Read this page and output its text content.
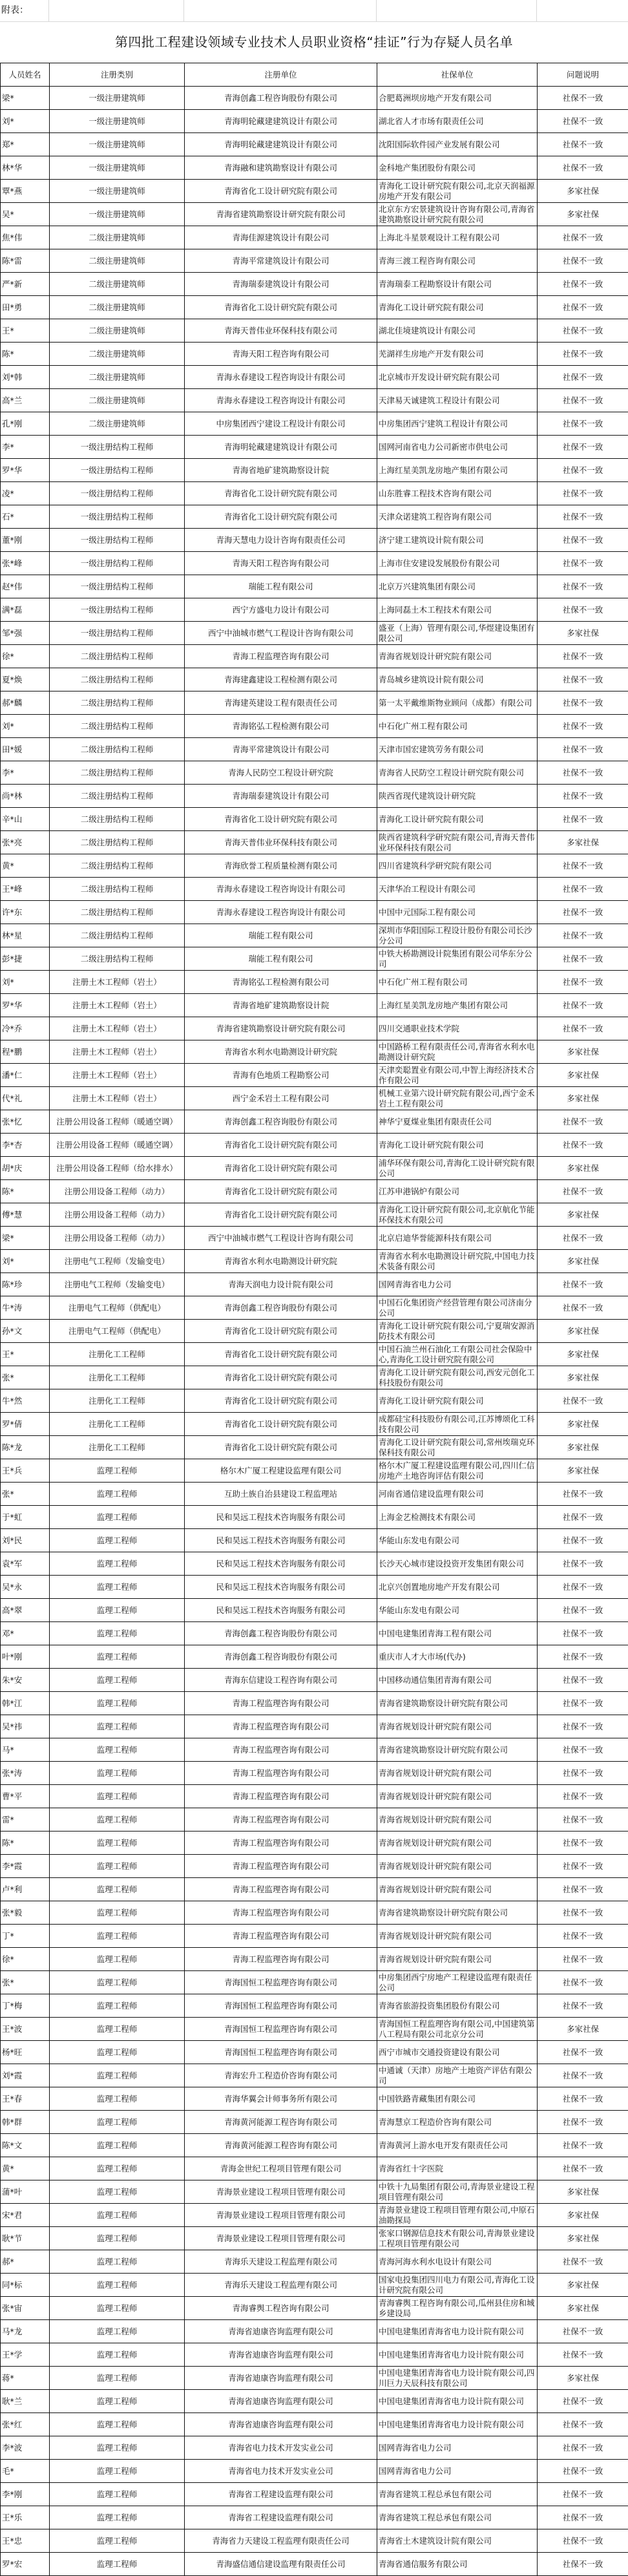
附表：
第四批工程建设领域专业技术人员职业资格“挂证”行为存疑人员名单
人员姓名	注册类别	注册单位	社保单位	问题说明
梁*	一级注册建筑师	青海创鑫工程咨询股份有限公司	合肥葛洲坝房地产开发有限公司	社保不一致
刘*	一级注册建筑师	青海明轮藏建建筑设计有限公司	湖北省人才市场有限责任公司	社保不一致
郑*	一级注册建筑师	青海明轮藏建建筑设计有限公司	沈阳国际软件园产业发展有限公司	社保不一致
林*华	一级注册建筑师	青海融和建筑勘察设计有限公司	金科地产集团股份有限公司	社保不一致
覃*燕	一级注册建筑师	青海省化工设计研究院有限公司	青海化工设计研究院有限公司,北京天润福源房地产开发有限公司	多家社保
吴*	一级注册建筑师	青海省建筑勘察设计研究院有限公司	北京东方宏景建筑设计咨询有限公司,青海省建筑勘察设计研究院有限公司	多家社保
焦*伟	二级注册建筑师	青海佳源建筑设计有限公司	上海北斗星景观设计工程有限公司	社保不一致
陈*雷	二级注册建筑师	青海平常建筑设计有限公司	青海三渡工程咨询有限公司	社保不一致
严*新	二级注册建筑师	青海瑞泰建筑设计有限公司	青海瑞泰工程勘察设计有限公司	社保不一致
田*勇	二级注册建筑师	青海省化工设计研究院有限公司	青海化工设计研究院有限公司	社保不一致
王*	二级注册建筑师	青海天普伟业环保科技有限公司	湖北佳境建筑设计有限公司	社保不一致
陈*	二级注册建筑师	青海天阳工程咨询有限公司	芜湖祥生房地产开发有限公司	社保不一致
刘*韩	二级注册建筑师	青海永春建设工程咨询设计有限公司	北京城市开发设计研究院有限公司	社保不一致
高*兰	二级注册建筑师	青海永春建设工程咨询设计有限公司	天津易天诚建筑工程设计有限公司	社保不一致
孔*刚	二级注册建筑师	中房集团西宁建设工程设计有限公司	中房集团西宁建筑工程设计有限公司	社保不一致
李*	一级注册结构工程师	青海明轮藏建建筑设计有限公司	国网河南省电力公司新密市供电公司	社保不一致
罗*华	一级注册结构工程师	青海省地矿建筑勘察设计院	上海红星美凯龙房地产集团有限公司	社保不一致
凌*	一级注册结构工程师	青海省化工设计研究院有限公司	山东胜睿工程技术咨询有限公司	社保不一致
石*	一级注册结构工程师	青海省化工设计研究院有限公司	天津众诺建筑工程咨询有限公司	社保不一致
董*刚	一级注册结构工程师	青海天慧电力设计咨询有限责任公司	济宁建工建筑设计院有限公司	社保不一致
张*峰	一级注册结构工程师	青海天阳工程咨询有限公司	上海市住安建设发展股份有限公司	社保不一致
赵*伟	一级注册结构工程师	瑞能工程有限公司	北京万兴建筑集团有限公司	社保不一致
满*磊	一级注册结构工程师	西宁方盛电力设计有限公司	上海同磊土木工程技术有限公司	社保不一致
邹*强	一级注册结构工程师	西宁中油城市燃气工程设计咨询有限公司	盛亚（上海）管理有限公司,华煜建设集团有限公司	多家社保
徐*	二级注册结构工程师	青海工程监理咨询有限公司	青海省规划设计研究院有限公司	社保不一致
夏*焕	二级注册结构工程师	青海建鑫建设工程检测有限公司	青岛城乡建筑设计院有限公司	社保不一致
郝*麟	二级注册结构工程师	青海建英建设工程有限责任公司	第一太平戴维斯物业顾问（成都）有限公司	社保不一致
刘*	二级注册结构工程师	青海铭弘工程检测有限公司	中石化广州工程有限公司	社保不一致
田*媛	二级注册结构工程师	青海平常建筑设计有限公司	天津市国宏建筑劳务有限公司	社保不一致
李*	二级注册结构工程师	青海人民防空工程设计研究院	青海省人民防空工程设计研究院有限公司	社保不一致
尚*林	二级注册结构工程师	青海瑞泰建筑设计有限公司	陕西省现代建筑设计研究院	社保不一致
辛*山	二级注册结构工程师	青海省化工设计研究院有限公司	青海化工设计研究院有限公司	社保不一致
张*亮	二级注册结构工程师	青海天普伟业环保科技有限公司	陕西省建筑科学研究院有限公司,青海天普伟业环保科技有限公司	多家社保
黄*	二级注册结构工程师	青海欣誉工程质量检测有限公司	四川省建筑科学研究院有限公司	社保不一致
王*峰	二级注册结构工程师	青海永春建设工程咨询设计有限公司	天津华冶工程设计有限公司	社保不一致
许*东	二级注册结构工程师	青海永春建设工程咨询设计有限公司	中国中元国际工程有限公司	社保不一致
林*星	二级注册结构工程师	瑞能工程有限公司	深圳市华阳国际工程设计股份有限公司长沙分公司	社保不一致
彭*捷	二级注册结构工程师	瑞能工程有限公司	中铁大桥勘测设计院集团有限公司华东分公司	社保不一致
刘*	注册土木工程师（岩土）	青海铭弘工程检测有限公司	中石化广州工程有限公司	社保不一致
罗*华	注册土木工程师（岩土）	青海省地矿建筑勘察设计院	上海红星美凯龙房地产集团有限公司	社保不一致
冷*乔	注册土木工程师（岩土）	青海省建筑勘察设计研究院有限公司	四川交通职业技术学院	社保不一致
程*鹏	注册土木工程师（岩土）	青海省水利水电勘测设计研究院	中国路桥工程有限责任公司,青海省水利水电勘测设计研究院	多家社保
潘*仁	注册土木工程师（岩土）	青海有色地质工程勘察公司	天津奕聪置业有限公司,中智上海经济技术合作有限公司	多家社保
代*礼	注册土木工程师（岩土）	西宁金禾岩土工程有限公司	机械工业第六设计研究院有限公司,西宁金禾岩土工程有限公司	多家社保
张*忆	注册公用设备工程师（暖通空调）	青海创鑫工程咨询股份有限公司	神华宁夏煤业集团有限责任公司	社保不一致
李*杏	注册公用设备工程师（暖通空调）	青海省化工设计研究院有限公司	青海化工设计研究院有限公司	社保不一致
胡*庆	注册公用设备工程师（给水排水）	青海省化工设计研究院有限公司	浦华环保有限公司,青海化工设计研究院有限公司	多家社保
陈*	注册公用设备工程师（动力）	青海省化工设计研究院有限公司	江苏申港锅炉有限公司	社保不一致
傅*慧	注册公用设备工程师（动力）	青海省化工设计研究院有限公司	青海化工设计研究院有限公司,北京航化节能环保技术有限公司	多家社保
梁*	注册公用设备工程师（动力）	西宁中油城市燃气工程设计咨询有限公司	北京启迪华誉能源科技有限公司	社保不一致
刘*	注册电气工程师（发输变电）	青海省水利水电勘测设计研究院	青海省水利水电勘测设计研究院,中国电力技术装备有限公司	多家社保
陈*珍	注册电气工程师（发输变电）	青海天润电力设计院有限公司	国网青海省电力公司	社保不一致
牛*涛	注册电气工程师（供配电）	青海创鑫工程咨询股份有限公司	中国石化集团资产经营管理有限公司济南分公司	社保不一致
孙*文	注册电气工程师（供配电）	青海省化工设计研究院有限公司	青海化工设计研究院有限公司,宁夏瑞安源消防技术有限公司	多家社保
王*	注册化工工程师	青海省化工设计研究院有限公司	中国石油兰州石油化工有限公司社会保险中心,青海化工设计研究院有限公司	多家社保
张*	注册化工工程师	青海省化工设计研究院有限公司	青海化工设计研究院有限公司,西安元创化工科技股份有限公司	多家社保
牛*然	注册化工工程师	青海省化工设计研究院有限公司	青海化工设计研究院有限公司	社保不一致
罗*倩	注册化工工程师	青海省化工设计研究院有限公司	成都硅宝科技股份有限公司,江苏博颂化工科技有限公司	多家社保
陈*龙	注册化工工程师	青海省化工设计研究院有限公司	青海化工设计研究院有限公司,常州埃瑞克环保科技有限公司	多家社保
王*兵	监理工程师	格尔木广厦工程建设监理有限公司	格尔木广厦工程建设监理有限公司,四川仁信房地产土地咨询评估有限公司	多家社保
张*	监理工程师	互助土族自治县建设工程监理站	河南省通信建设监理有限公司	社保不一致
于*虹	监理工程师	民和昊远工程技术咨询服务有限公司	上海金艺检测技术有限公司	社保不一致
刘*民	监理工程师	民和昊远工程技术咨询服务有限公司	华能山东发电有限公司	社保不一致
袁*军	监理工程师	民和昊远工程技术咨询服务有限公司	长沙天心城市建设投资开发集团有限公司	社保不一致
吴*永	监理工程师	民和昊远工程技术咨询服务有限公司	北京兴创置地房地产开发有限公司	社保不一致
高*翠	监理工程师	民和昊远工程技术咨询服务有限公司	华能山东发电有限公司	社保不一致
邓*	监理工程师	青海创鑫工程咨询股份有限公司	中国电建集团青海工程有限公司	社保不一致
叶*刚	监理工程师	青海创鑫工程咨询股份有限公司	重庆市人才大市场(代办)	社保不一致
朱*安	监理工程师	青海东信建设工程咨询有限公司	中国移动通信集团青海有限公司	社保不一致
韩*江	监理工程师	青海工程监理咨询有限公司	青海省建筑勘察设计研究院有限公司	社保不一致
吴*祎	监理工程师	青海工程监理咨询有限公司	青海省规划设计研究院有限公司	社保不一致
马*	监理工程师	青海工程监理咨询有限公司	青海省建筑勘察设计研究院有限公司	社保不一致
张*涛	监理工程师	青海工程监理咨询有限公司	青海省规划设计研究院有限公司	社保不一致
曹*平	监理工程师	青海工程监理咨询有限公司	青海省规划设计研究院有限公司	社保不一致
雷*	监理工程师	青海工程监理咨询有限公司	青海省规划设计研究院有限公司	社保不一致
陈*	监理工程师	青海工程监理咨询有限公司	青海省规划设计研究院有限公司	社保不一致
李*霞	监理工程师	青海工程监理咨询有限公司	青海省规划设计研究院有限公司	社保不一致
卢*利	监理工程师	青海工程监理咨询有限公司	青海省规划设计研究院有限公司	社保不一致
张*毅	监理工程师	青海工程监理咨询有限公司	青海省建筑勘察设计研究院有限公司	社保不一致
丁*	监理工程师	青海工程监理咨询有限公司	青海省规划设计研究院有限公司	社保不一致
徐*	监理工程师	青海工程监理咨询有限公司	青海省规划设计研究院有限公司	社保不一致
张*	监理工程师	青海国恒工程监理咨询有限公司	中房集团西宁房地产工程建设监理有限责任公司	社保不一致
丁*梅	监理工程师	青海国恒工程监理咨询有限公司	青海省旅游投资集团股份有限公司	社保不一致
王*波	监理工程师	青海国恒工程监理咨询有限公司	青海国恒工程监理咨询有限公司,中国建筑第八工程局有限公司北京分公司	多家社保
杨*旺	监理工程师	青海国恒工程监理咨询有限公司	西宁市城市交通投资建设有限公司	社保不一致
刘*霞	监理工程师	青海宏升工程造价咨询有限公司	中通诚（天津）房地产土地资产评估有限公司	社保不一致
王*春	监理工程师	青海华翼会计师事务所有限公司	中国铁路青藏集团有限公司	社保不一致
韩*群	监理工程师	青海黄河能源工程咨询有限公司	青海慧京工程造价咨询有限公司	社保不一致
陈*文	监理工程师	青海黄河能源工程咨询有限公司	青海黄河上游水电开发有限责任公司	社保不一致
黄*	监理工程师	青海金世纪工程项目管理有限公司	青海省红十字医院	社保不一致
蒲*叶	监理工程师	青海景业建设工程项目管理有限公司	中铁十九局集团有限公司,青海景业建设工程项目管理有限公司	多家社保
宋*君	监理工程师	青海景业建设工程项目管理有限公司	青海景业建设工程项目管理有限公司,中原石油勘探局	多家社保
耿*节	监理工程师	青海景业建设工程项目管理有限公司	张家口钢源信息技术有限公司,青海景业建设工程项目管理有限公司	多家社保
郝*	监理工程师	青海乐天建设工程监理有限公司	青海河海水利水电设计有限公司	社保不一致
同*标	监理工程师	青海乐天建设工程监理有限公司	国家电投集团四川电力有限公司,青海化工设计研究院有限公司	多家社保
张*宙	监理工程师	青海睿舆工程咨询有限公司	青海睿舆工程咨询有限公司,瓜州县住房和城乡建设局	多家社保
马*龙	监理工程师	青海省迪康咨询监理有限公司	中国电建集团青海省电力设计院有限公司	社保不一致
王*学	监理工程师	青海省迪康咨询监理有限公司	中国电建集团青海省电力设计院有限公司	社保不一致
蒋*	监理工程师	青海省迪康咨询监理有限公司	中国电建集团青海省电力设计院有限公司,四川巨力天辰科技有限公司	多家社保
耿*兰	监理工程师	青海省迪康咨询监理有限公司	中国电建集团青海省电力设计院有限公司	社保不一致
张*红	监理工程师	青海省迪康咨询监理有限公司	中国电建集团青海省电力设计院有限公司	社保不一致
李*波	监理工程师	青海省电力技术开发实业公司	国网青海省电力公司	社保不一致
毛*	监理工程师	青海省电力技术开发实业公司	国网青海省电力公司	社保不一致
李*刚	监理工程师	青海省工程建设监理有限公司	青海省建筑工程总承包有限公司	社保不一致
王*乐	监理工程师	青海省工程建设监理有限公司	青海省建筑工程总承包有限公司	社保不一致
王*忠	监理工程师	青海省力天建设工程监理有限责任公司	青海省土木建筑设计院有限公司	社保不一致
罗*宏	监理工程师	青海盛信通信建设监理有限责任公司	青海省通信服务有限公司	社保不一致
